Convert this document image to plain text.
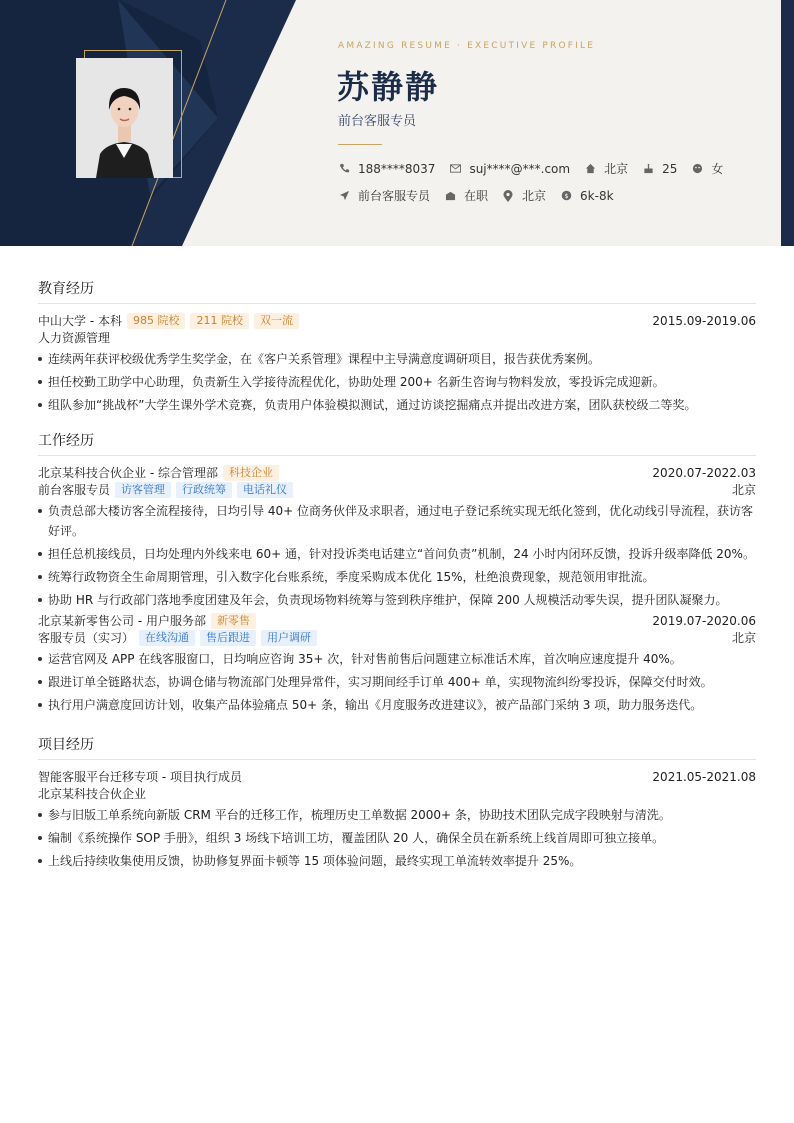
AMAZING RESUME · EXECUTIVE PROFILE
苏静静
前台客服专员
188****8037	suj****@***.com	北京	25	女
前台客服专员	在职	北京	$ 6k-8k
教育经历
中山大学 - 本科	985 院校	211 院校	双一流	2015.09-2019.06
人力资源管理
连续两年获评校级优秀学生奖学金，在《客户关系管理》课程中主导满意度调研项目，报告获优秀案例。
担任校勤工助学中心助理，负责新生入学接待流程优化，协助处理 200+ 名新生咨询与物料发放，零投诉完成迎新。
组队参加“挑战杯”大学生课外学术竞赛，负责用户体验模拟测试，通过访谈挖掘痛点并提出改进方案，团队获校级二等奖。
工作经历
北京某科技合伙企业 - 综合管理部	科技企业	2020.07-2022.03
前台客服专员	访客管理	行政统筹	电话礼仪	北京
负责总部大楼访客全流程接待，日均引导 40+ 位商务伙伴及求职者，通过电子登记系统实现无纸化签到，优化动线引导流程，获访客好评。
担任总机接线员，日均处理内外线来电 60+ 通，针对投诉类电话建立“首问负责”机制，24 小时内闭环反馈，投诉升级率降低 20%。
统筹行政物资全生命周期管理，引入数字化台账系统，季度采购成本优化 15%，杜绝浪费现象，规范领用审批流。
协助 HR 与行政部门落地季度团建及年会，负责现场物料统筹与签到秩序维护，保障 200 人规模活动零失误，提升团队凝聚力。
北京某新零售公司 - 用户服务部	新零售	2019.07-2020.06
客服专员（实习）	在线沟通	售后跟进	用户调研	北京
运营官网及 APP 在线客服窗口，日均响应咨询 35+ 次，针对售前售后问题建立标准话术库，首次响应速度提升 40%。
跟进订单全链路状态，协调仓储与物流部门处理异常件，实习期间经手订单 400+ 单，实现物流纠纷零投诉，保障交付时效。
执行用户满意度回访计划，收集产品体验痛点 50+ 条，输出《月度服务改进建议》，被产品部门采纳 3 项，助力服务迭代。
项目经历
智能客服平台迁移专项 - 项目执行成员	2021.05-2021.08
北京某科技合伙企业
参与旧版工单系统向新版 CRM 平台的迁移工作，梳理历史工单数据 2000+ 条，协助技术团队完成字段映射与清洗。
编制《系统操作 SOP 手册》，组织 3 场线下培训工坊，覆盖团队 20 人，确保全员在新系统上线首周即可独立接单。
上线后持续收集使用反馈，协助修复界面卡顿等 15 项体验问题，最终实现工单流转效率提升 25%。
